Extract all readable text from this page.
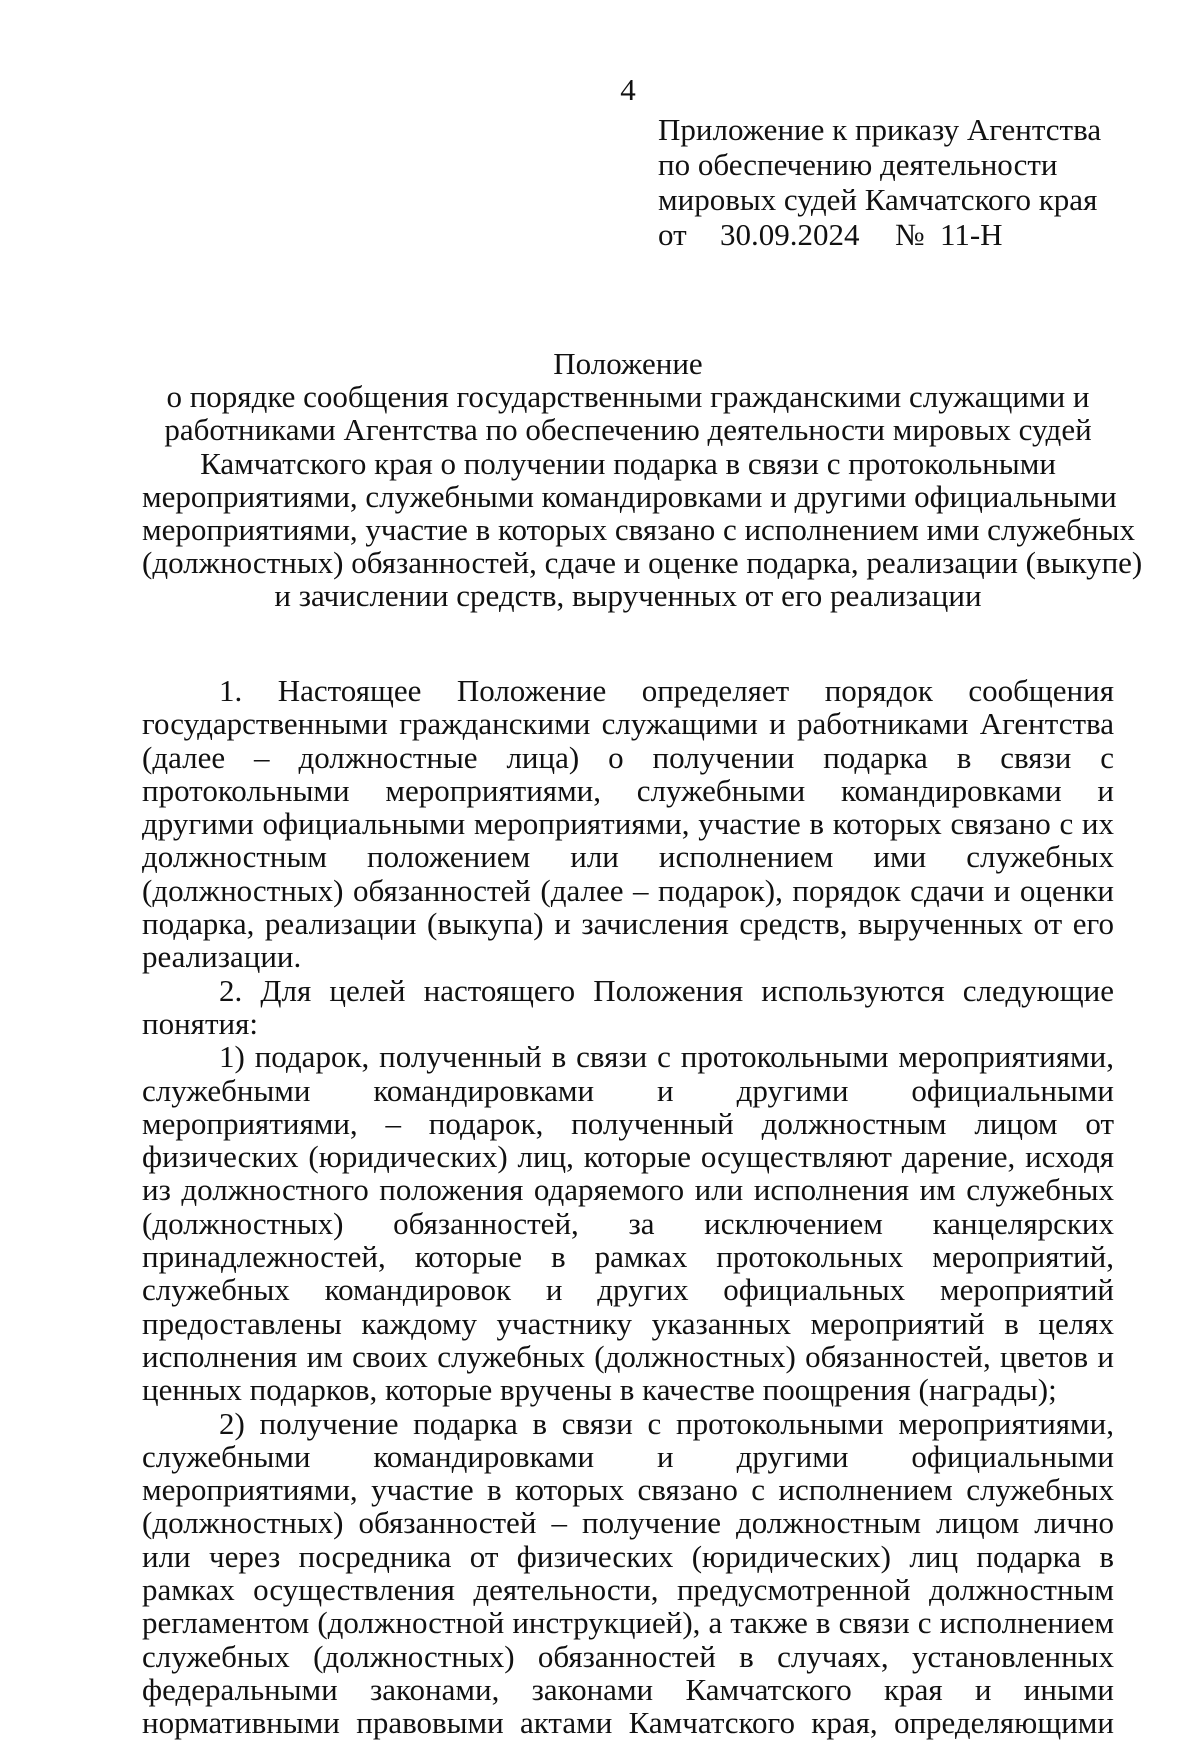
4
Приложение к приказу Агентства
по обеспечению деятельности
мировых судей Камчатского края
от	30.09.2024	№ 11-Н
Положение
о порядке сообщения государственными гражданскими служащими и
работниками Агентства по обеспечению деятельности мировых судей
Камчатского края о получении подарка в связи с протокольными
мероприятиями, служебными командировками и другими официальными
мероприятиями, участие в которых связано с исполнением ими служебных
(должностных) обязанностей, сдаче и оценке подарка, реализации (выкупе)
и зачислении средств, вырученных от его реализации

1. Настоящее Положение определяет порядок сообщения государственными гражданскими служащими и работниками Агентства (далее – должностные лица) о получении подарка в связи с протокольными мероприятиями, служебными командировками и другими официальными мероприятиями, участие в которых связано с их должностным положением или исполнением ими служебных (должностных) обязанностей (далее – подарок), порядок сдачи и оценки подарка, реализации (выкупа) и зачисления средств, вырученных от его реализации.

2. Для целей настоящего Положения используются следующие понятия:

1) подарок, полученный в связи с протокольными мероприятиями, служебными командировками и другими официальными мероприятиями, – подарок, полученный должностным лицом от физических (юридических) лиц, которые осуществляют дарение, исходя из должностного положения одаряемого или исполнения им служебных (должностных) обязанностей, за исключением канцелярских принадлежностей, которые в рамках протокольных мероприятий, служебных командировок и других официальных мероприятий предоставлены каждому участнику указанных мероприятий в целях исполнения им своих служебных (должностных) обязанностей, цветов и ценных подарков, которые вручены в качестве поощрения (награды);

2) получение подарка в связи с протокольными мероприятиями, служебными командировками и другими официальными мероприятиями, участие в которых связано с исполнением служебных (должностных) обязанностей – получение должностным лицом лично или через посредника от физических (юридических) лиц подарка в рамках осуществления деятельности, предусмотренной должностным регламентом (должностной инструкцией), а также в связи с исполнением служебных (должностных) обязанностей в случаях, установленных федеральными законами, законами Камчатского края и иными нормативными правовыми актами Камчатского края, определяющими
